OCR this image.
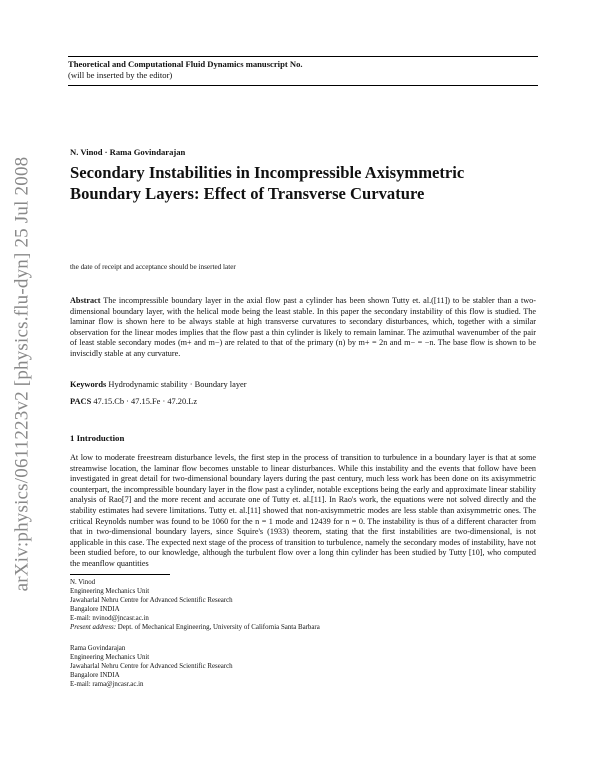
arXiv:physics/0611223v2 [physics.flu-dyn] 25 Jul 2008
Theoretical and Computational Fluid Dynamics manuscript No.
(will be inserted by the editor)
N. Vinod · Rama Govindarajan
Secondary Instabilities in Incompressible Axisymmetric
Boundary Layers: Effect of Transverse Curvature
the date of receipt and acceptance should be inserted later
Abstract The incompressible boundary layer in the axial flow past a cylinder has been shown Tutty et. al.([11]) to be stabler than a two-dimensional boundary layer, with the helical mode being the least stable. In this paper the secondary instability of this flow is studied. The laminar flow is shown here to be always stable at high transverse curvatures to secondary disturbances, which, together with a similar observation for the linear modes implies that the flow past a thin cylinder is likely to remain laminar. The azimuthal wavenumber of the pair of least stable secondary modes (m+ and m−) are related to that of the primary (n) by m+ = 2n and m− = −n. The base flow is shown to be inviscidly stable at any curvature.
Keywords Hydrodynamic stability · Boundary layer
PACS 47.15.Cb · 47.15.Fe · 47.20.Lz
1 Introduction
At low to moderate freestream disturbance levels, the first step in the process of transition to turbulence in a boundary layer is that at some streamwise location, the laminar flow becomes unstable to linear disturbances. While this instability and the events that follow have been investigated in great detail for two-dimensional boundary layers during the past century, much less work has been done on its axisymmetric counterpart, the incompressible boundary layer in the flow past a cylinder, notable exceptions being the early and approximate linear stability analysis of Rao[7] and the more recent and accurate one of Tutty et. al.[11]. In Rao's work, the equations were not solved directly and the stability estimates had severe limitations. Tutty et. al.[11] showed that non-axisymmetric modes are less stable than axisymmetric ones. The critical Reynolds number was found to be 1060 for the n = 1 mode and 12439 for n = 0. The instability is thus of a different character from that in two-dimensional boundary layers, since Squire's (1933) theorem, stating that the first instabilities are two-dimensional, is not applicable in this case. The expected next stage of the process of transition to turbulence, namely the secondary modes of instability, have not been studied before, to our knowledge, although the turbulent flow over a long thin cylinder has been studied by Tutty [10], who computed the meanflow quantities
N. Vinod
Engineering Mechanics Unit
Jawaharlal Nehru Centre for Advanced Scientific Research
Bangalore INDIA
E-mail: nvinod@jncasr.ac.in
Present address: Dept. of Mechanical Engineering, University of California Santa Barbara
Rama Govindarajan
Engineering Mechanics Unit
Jawaharlal Nehru Centre for Advanced Scientific Research
Bangalore INDIA
E-mail: rama@jncasr.ac.in
